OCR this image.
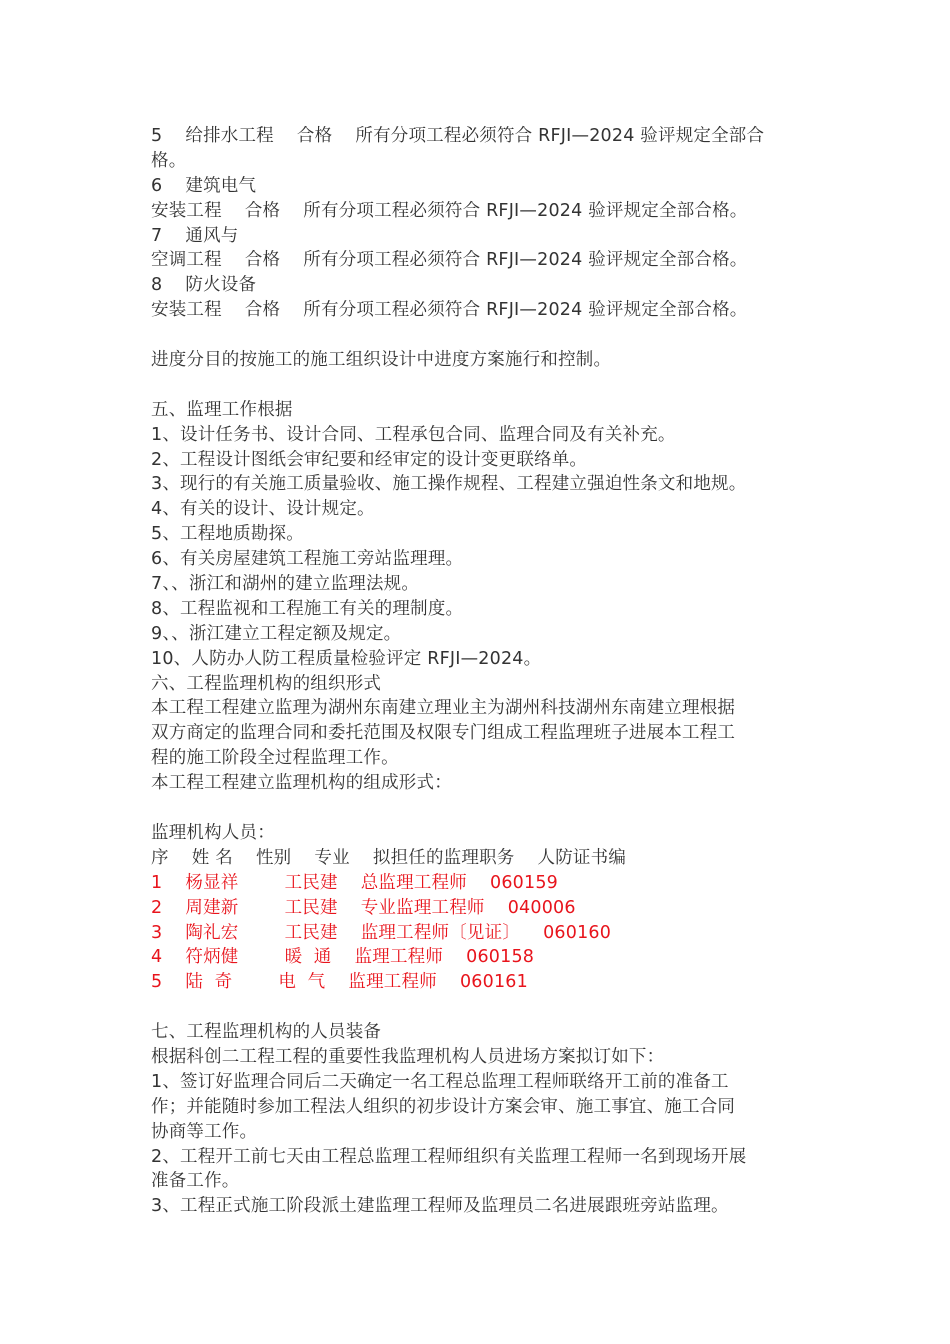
5    给排水工程    合格    所有分项工程必须符合 RFJI—2024 验评规定全部合
格。
6    建筑电气
安装工程    合格    所有分项工程必须符合 RFJI—2024 验评规定全部合格。
7    通风与
空调工程    合格    所有分项工程必须符合 RFJI—2024 验评规定全部合格。
8    防火设备
安装工程    合格    所有分项工程必须符合 RFJI—2024 验评规定全部合格。
进度分目的按施工的施工组织设计中进度方案施行和控制。
五、监理工作根据
1、设计任务书、设计合同、工程承包合同、监理合同及有关补充。
2、工程设计图纸会审纪要和经审定的设计变更联络单。
3、现行的有关施工质量验收、施工操作规程、工程建立强迫性条文和地规。
4、有关的设计、设计规定。
5、工程地质勘探。
6、有关房屋建筑工程施工旁站监理理。
7、、浙江和湖州的建立监理法规。
8、工程监视和工程施工有关的理制度。
9、、浙江建立工程定额及规定。
10、人防办人防工程质量检验评定 RFJI—2024。
六、工程监理机构的组织形式
本工程工程建立监理为湖州东南建立理业主为湖州科技湖州东南建立理根据
双方商定的监理合同和委托范围及权限专门组成工程监理班子进展本工程工
程的施工阶段全过程监理工作。
本工程工程建立监理机构的组成形式：
监理机构人员：
序    姓 名    性别    专业    拟担任的监理职务    人防证书编
1    杨显祥        工民建    总监理工程师    060159
2    周建新        工民建    专业监理工程师    040006
3    陶礼宏        工民建    监理工程师〔见证〕    060160
4    符炳健        暖  通    监理工程师    060158
5    陆  奇        电  气    监理工程师    060161
七、工程监理机构的人员装备
根据科创二工程工程的重要性我监理机构人员进场方案拟订如下：
1、签订好监理合同后二天确定一名工程总监理工程师联络开工前的准备工
作；并能随时参加工程法人组织的初步设计方案会审、施工事宜、施工合同
协商等工作。
2、工程开工前七天由工程总监理工程师组织有关监理工程师一名到现场开展
准备工作。
3、工程正式施工阶段派土建监理工程师及监理员二名进展跟班旁站监理。
